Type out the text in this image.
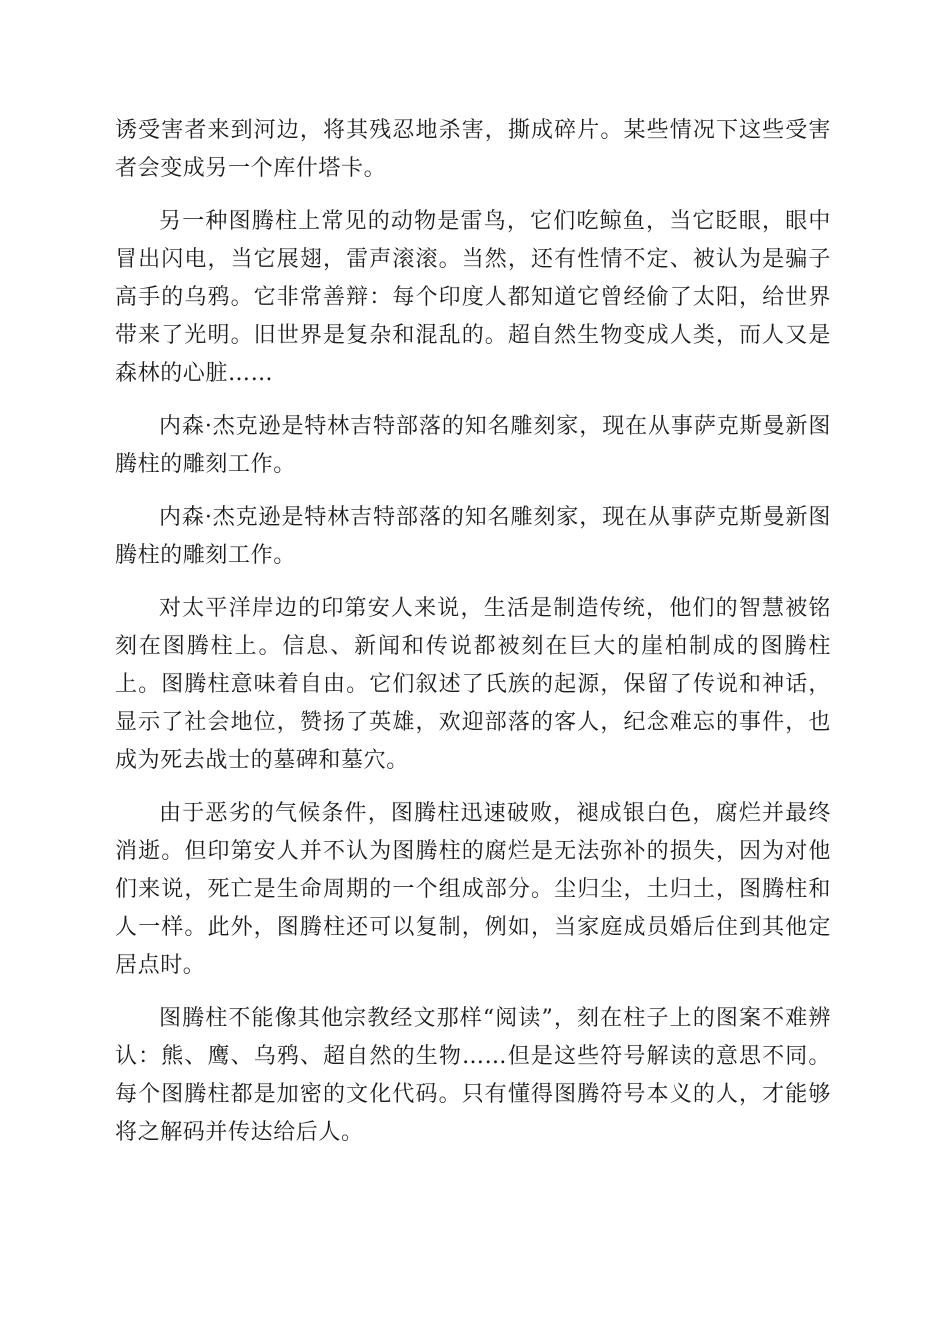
诱受害者来到河边，将其残忍地杀害，撕成碎片。某些情况下这些受害者会变成另一个库什塔卡。

另一种图腾柱上常见的动物是雷鸟，它们吃鲸鱼，当它眨眼，眼中冒出闪电，当它展翅，雷声滚滚。当然，还有性情不定、被认为是骗子高手的乌鸦。它非常善辩：每个印度人都知道它曾经偷了太阳，给世界带来了光明。旧世界是复杂和混乱的。超自然生物变成人类，而人又是森林的心脏……

内森·杰克逊是特林吉特部落的知名雕刻家，现在从事萨克斯曼新图腾柱的雕刻工作。

内森·杰克逊是特林吉特部落的知名雕刻家，现在从事萨克斯曼新图腾柱的雕刻工作。

对太平洋岸边的印第安人来说，生活是制造传统，他们的智慧被铭刻在图腾柱上。信息、新闻和传说都被刻在巨大的崖柏制成的图腾柱上。图腾柱意味着自由。它们叙述了氏族的起源，保留了传说和神话，显示了社会地位，赞扬了英雄，欢迎部落的客人，纪念难忘的事件，也成为死去战士的墓碑和墓穴。

由于恶劣的气候条件，图腾柱迅速破败，褪成银白色，腐烂并最终消逝。但印第安人并不认为图腾柱的腐烂是无法弥补的损失，因为对他们来说，死亡是生命周期的一个组成部分。尘归尘，土归土，图腾柱和人一样。此外，图腾柱还可以复制，例如，当家庭成员婚后住到其他定居点时。

图腾柱不能像其他宗教经文那样“阅读”，刻在柱子上的图案不难辨认：熊、鹰、乌鸦、超自然的生物……但是这些符号解读的意思不同。每个图腾柱都是加密的文化代码。只有懂得图腾符号本义的人，才能够将之解码并传达给后人。
